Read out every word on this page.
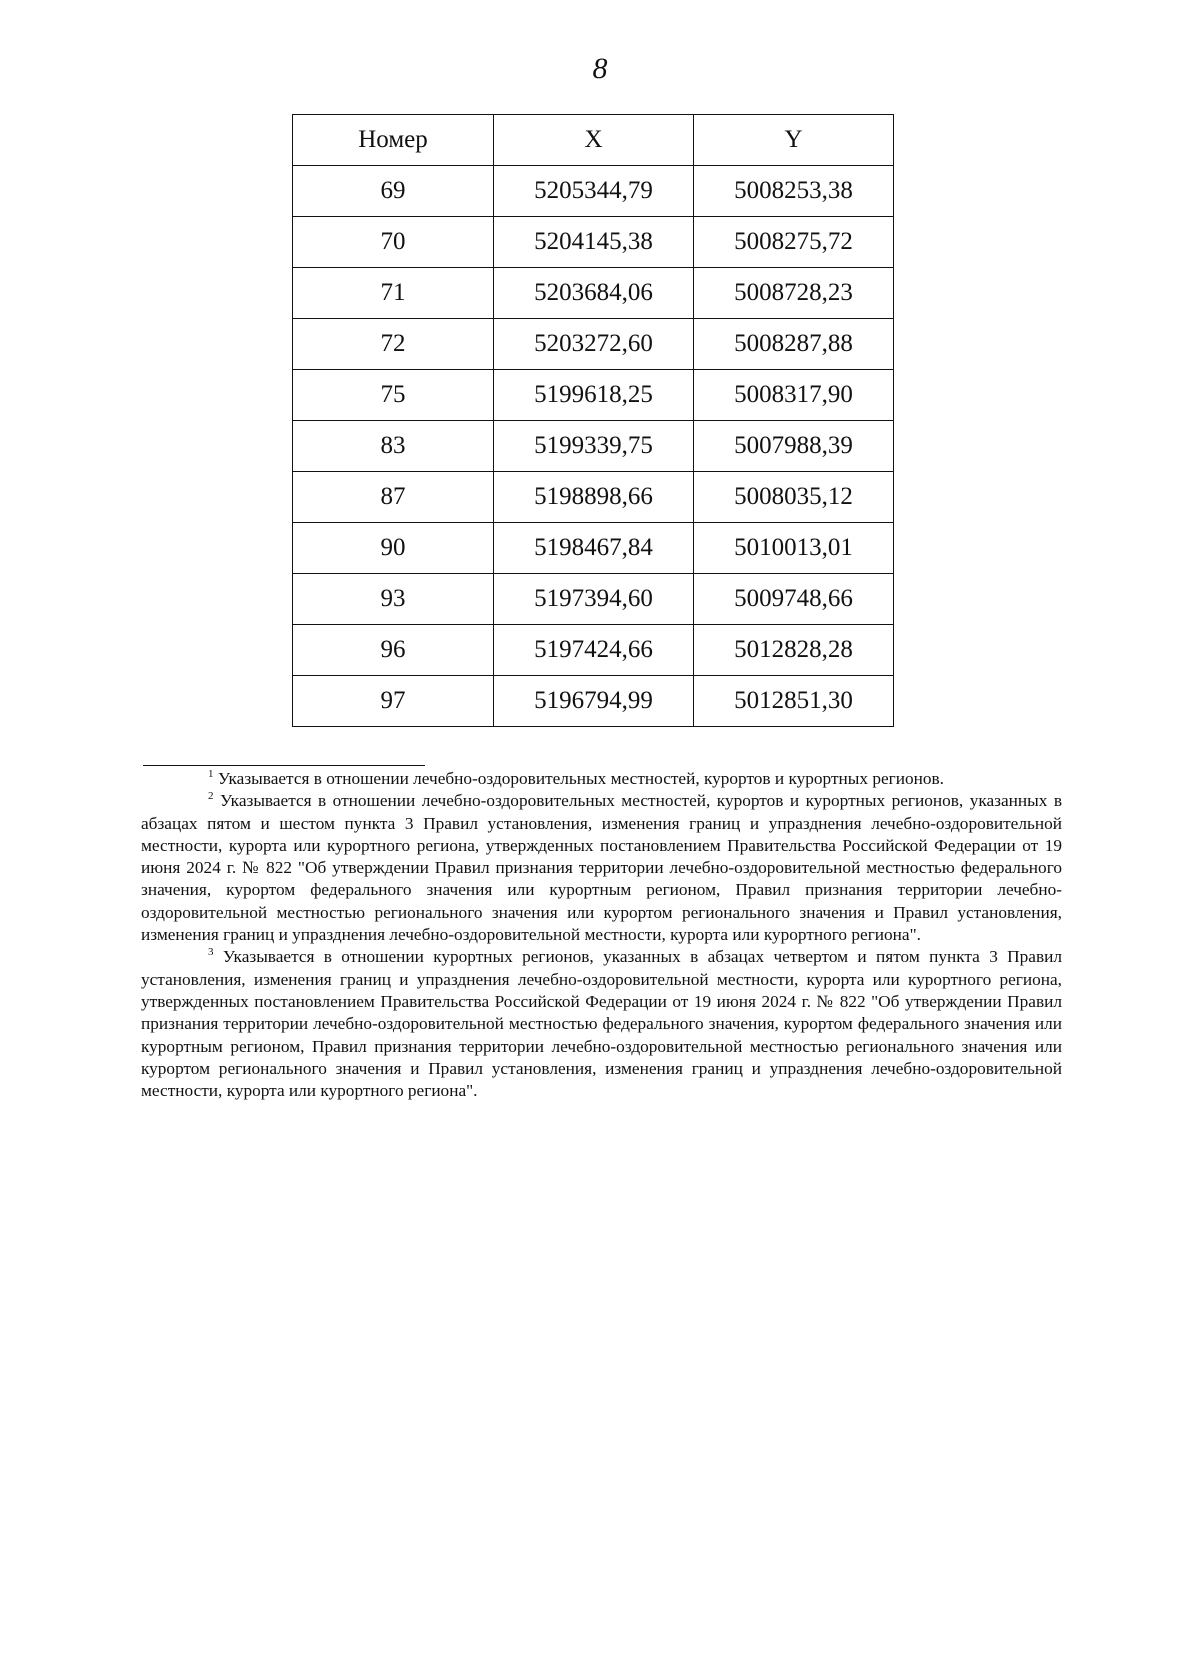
8
Номер	X	Y
69	5205344,79	5008253,38
70	5204145,38	5008275,72
71	5203684,06	5008728,23
72	5203272,60	5008287,88
75	5199618,25	5008317,90
83	5199339,75	5007988,39
87	5198898,66	5008035,12
90	5198467,84	5010013,01
93	5197394,60	5009748,66
96	5197424,66	5012828,28
97	5196794,99	5012851,30

$^1$ Указывается в отношении лечебно-оздоровительных местностей, курортов и курортных регионов.

$^2$ Указывается в отношении лечебно-оздоровительных местностей, курортов и курортных регионов, указанных в абзацах пятом и шестом пункта 3 Правил установления, изменения границ и упразднения лечебно-оздоровительной местности, курорта или курортного региона, утвержденных постановлением Правительства Российской Федерации от 19 июня 2024 г. № 822 "Об утверждении Правил признания территории лечебно-оздоровительной местностью федерального значения, курортом федерального значения или курортным регионом, Правил признания территории лечебно-оздоровительной местностью регионального значения или курортом регионального значения и Правил установления, изменения границ и упразднения лечебно-оздоровительной местности, курорта или курортного региона".

$^3$ Указывается в отношении курортных регионов, указанных в абзацах четвертом и пятом пункта 3 Правил установления, изменения границ и упразднения лечебно-оздоровительной местности, курорта или курортного региона, утвержденных постановлением Правительства Российской Федерации от 19 июня 2024 г. № 822 "Об утверждении Правил признания территории лечебно-оздоровительной местностью федерального значения, курортом федерального значения или курортным регионом, Правил признания территории лечебно-оздоровительной местностью регионального значения или курортом регионального значения и Правил установления, изменения границ и упразднения лечебно-оздоровительной местности, курорта или курортного региона".
